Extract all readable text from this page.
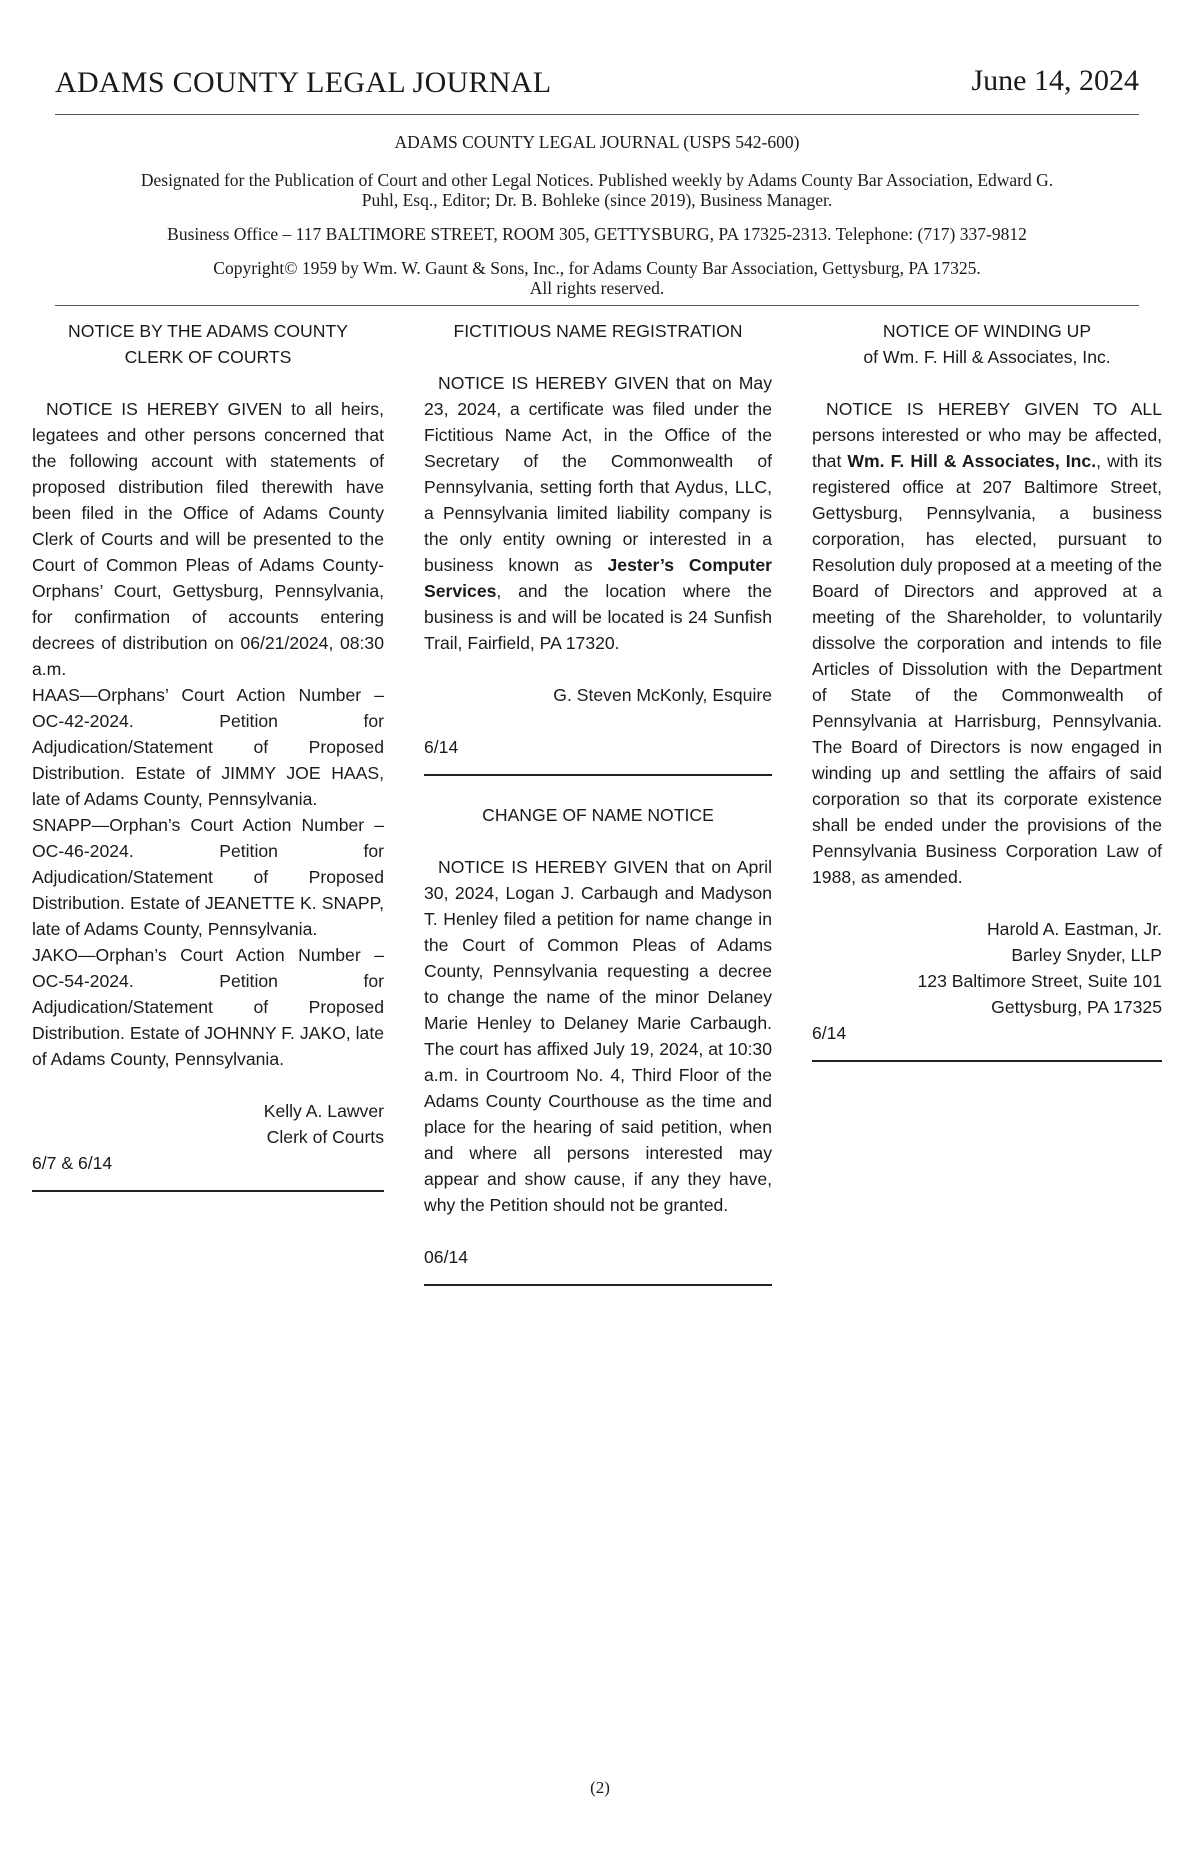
ADAMS COUNTY LEGAL JOURNAL	June 14, 2024

ADAMS COUNTY LEGAL JOURNAL (USPS 542-600)

Designated for the Publication of Court and other Legal Notices. Published weekly by Adams County Bar Association, Edward G.
Puhl, Esq., Editor; Dr. B. Bohleke (since 2019), Business Manager.

Business Office – 117 BALTIMORE STREET, ROOM 305, GETTYSBURG, PA 17325-2313. Telephone: (717) 337-9812

Copyright© 1959 by Wm. W. Gaunt & Sons, Inc., for Adams County Bar Association, Gettysburg, PA 17325.
All rights reserved.

NOTICE BY THE ADAMS COUNTY

CLERK OF COURTS

NOTICE IS HEREBY GIVEN to all heirs, legatees and other persons concerned that the following account with statements of proposed distribution filed therewith have been filed in the Office of Adams County Clerk of Courts and will be presented to the Court of Common Pleas of Adams County-Orphans’ Court, Gettysburg, Pennsylvania, for confirmation of accounts entering decrees of distribution on 06/21/2024, 08:30 a.m.

HAAS—Orphans’ Court Action Number – OC-42-2024. Petition for Adjudication/Statement of Proposed Distribution. Estate of JIMMY JOE HAAS, late of Adams County, Pennsylvania.

SNAPP—Orphan’s Court Action Number – OC-46-2024. Petition for Adjudication/Statement of Proposed Distribution. Estate of JEANETTE K. SNAPP, late of Adams County, Pennsylvania.

JAKO—Orphan’s Court Action Number – OC-54-2024. Petition for Adjudication/Statement of Proposed Distribution. Estate of JOHNNY F. JAKO, late of Adams County, Pennsylvania.

Kelly A. Lawver

Clerk of Courts

6/7 & 6/14

FICTITIOUS NAME REGISTRATION

NOTICE IS HEREBY GIVEN that on May 23, 2024, a certificate was filed under the Fictitious Name Act, in the Office of the Secretary of the Commonwealth of Pennsylvania, setting forth that Aydus, LLC, a Pennsylvania limited liability company is the only entity owning or interested in a business known as Jester’s Computer Services, and the location where the business is and will be located is 24 Sunfish Trail, Fairfield, PA 17320.

G. Steven McKonly, Esquire

6/14

CHANGE OF NAME NOTICE

NOTICE IS HEREBY GIVEN that on April 30, 2024, Logan J. Carbaugh and Madyson T. Henley filed a petition for name change in the Court of Common Pleas of Adams County, Pennsylvania requesting a decree to change the name of the minor Delaney Marie Henley to Delaney Marie Carbaugh. The court has affixed July 19, 2024, at 10:30 a.m. in Courtroom No. 4, Third Floor of the Adams County Courthouse as the time and place for the hearing of said petition, when and where all persons interested may appear and show cause, if any they have, why the Petition should not be granted.

06/14

NOTICE OF WINDING UP

of Wm. F. Hill & Associates, Inc.

NOTICE IS HEREBY GIVEN TO ALL persons interested or who may be affected, that Wm. F. Hill & Associates, Inc., with its registered office at 207 Baltimore Street, Gettysburg, Pennsylvania, a business corporation, has elected, pursuant to Resolution duly proposed at a meeting of the Board of Directors and approved at a meeting of the Shareholder, to voluntarily dissolve the corporation and intends to file Articles of Dissolution with the Department of State of the Commonwealth of Pennsylvania at Harrisburg, Pennsylvania. The Board of Directors is now engaged in winding up and settling the affairs of said corporation so that its corporate existence shall be ended under the provisions of the Pennsylvania Business Corporation Law of 1988, as amended.

Harold A. Eastman, Jr.

Barley Snyder, LLP

123 Baltimore Street, Suite 101

Gettysburg, PA 17325

6/14

(2)
